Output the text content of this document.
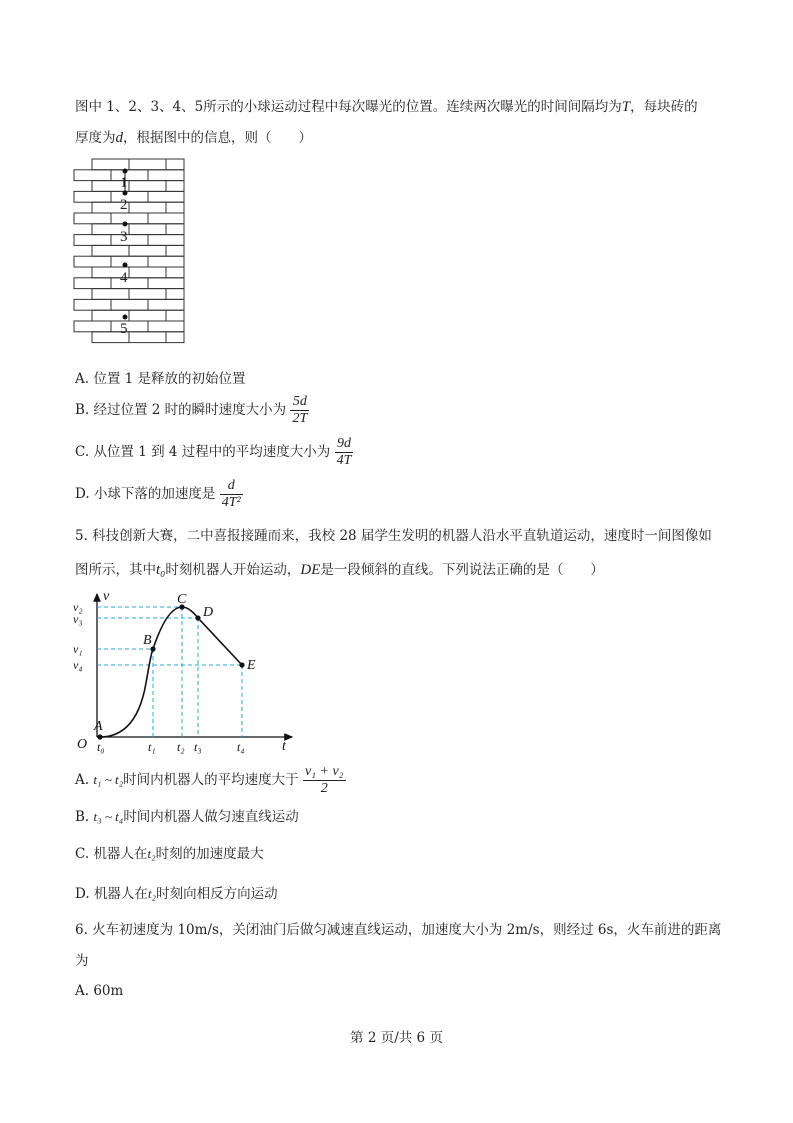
图中 1、2、3、4、5所示的小球运动过程中每次曝光的位置。连续两次曝光的时间间隔均为T，每块砖的
厚度为d，根据图中的信息，则（　　）
1
2
3
4
5
A. 位置 1 是释放的初始位置
B. 经过位置 2 时的瞬时速度大小为 $\frac{5d}{2T}$
C. 从位置 1 到 4 过程中的平均速度大小为 $\frac{9d}{4T}$
D. 小球下落的加速度是 $\frac{d}{\text{4T²}}$
5. 科技创新大赛，二中喜报接踵而来，我校 28 届学生发明的机器人沿水平直轨道运动，速度时一间图像如
图所示，其中t₀时刻机器人开始运动，DE是一段倾斜的直线。下列说法正确的是（　　）
A
B
C
D
E
v
t
O
v₂
v₃
v₁
v₄
t₀	t₁ t₂ t₃	t₄
A. t₁ ~ t₂时间内机器人的平均速度大于 $\frac{\text{v₁ + v₂}}{2}$
B. t₃ ~ t₄时间内机器人做匀速直线运动
C. 机器人在t₂时刻的加速度最大
D. 机器人在t₂时刻向相反方向运动
6. 火车初速度为 10m/s，关闭油门后做匀减速直线运动，加速度大小为 2m/s，则经过 6s，火车前进的距离
为
A. 60m
第 2 页/共 6 页
